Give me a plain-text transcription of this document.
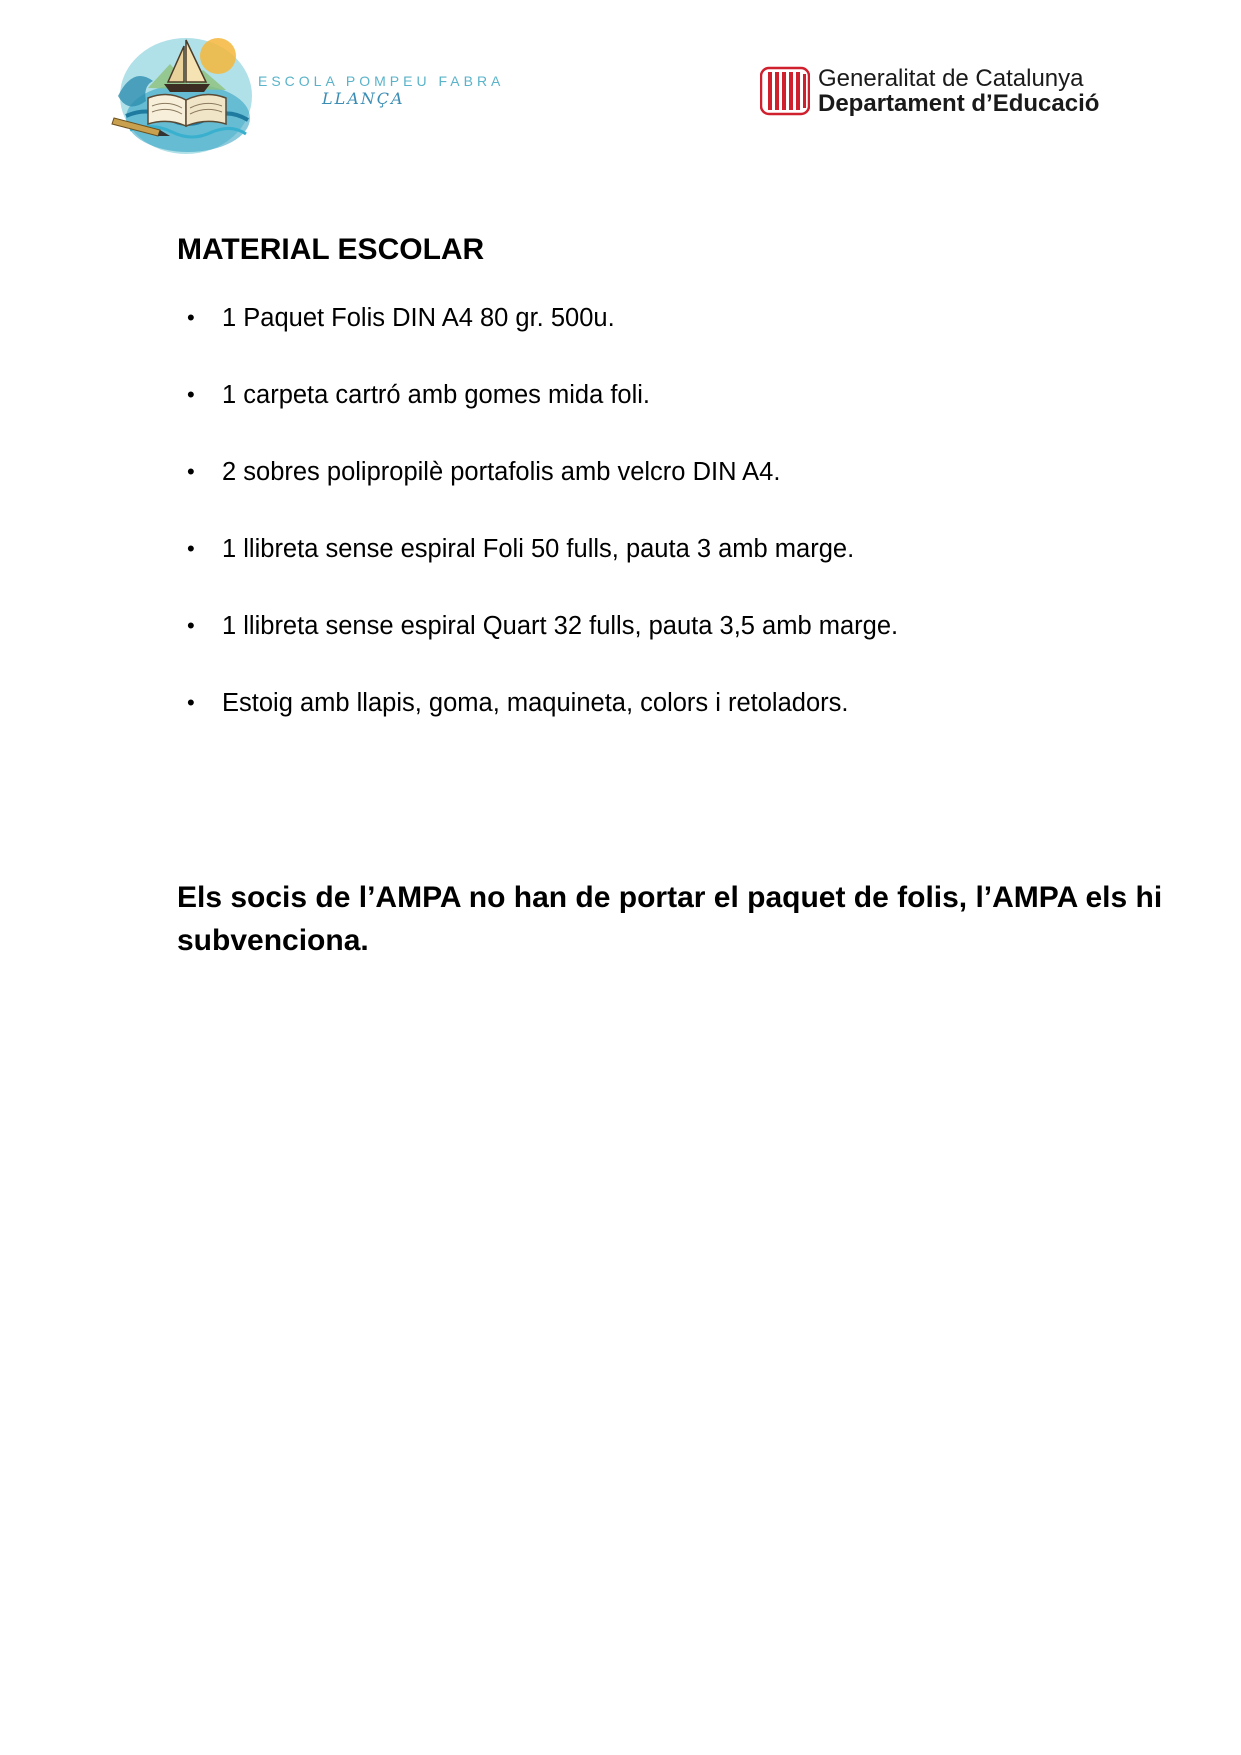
ESCOLA POMPEU FABRA
LLANÇA
Generalitat de Catalunya
Departament d’Educació
MATERIAL ESCOLAR
• 1 Paquet Folis DIN A4 80 gr. 500u.
• 1 carpeta cartró amb gomes mida foli.
• 2 sobres polipropilè portafolis amb velcro DIN A4.
• 1 llibreta sense espiral Foli 50 fulls, pauta 3 amb marge.
• 1 llibreta sense espiral Quart 32 fulls, pauta 3,5 amb marge.
• Estoig amb llapis, goma, maquineta, colors i retoladors.

Els socis de l’AMPA no han de portar el paquet de folis, l’AMPA els hi subvenciona.
